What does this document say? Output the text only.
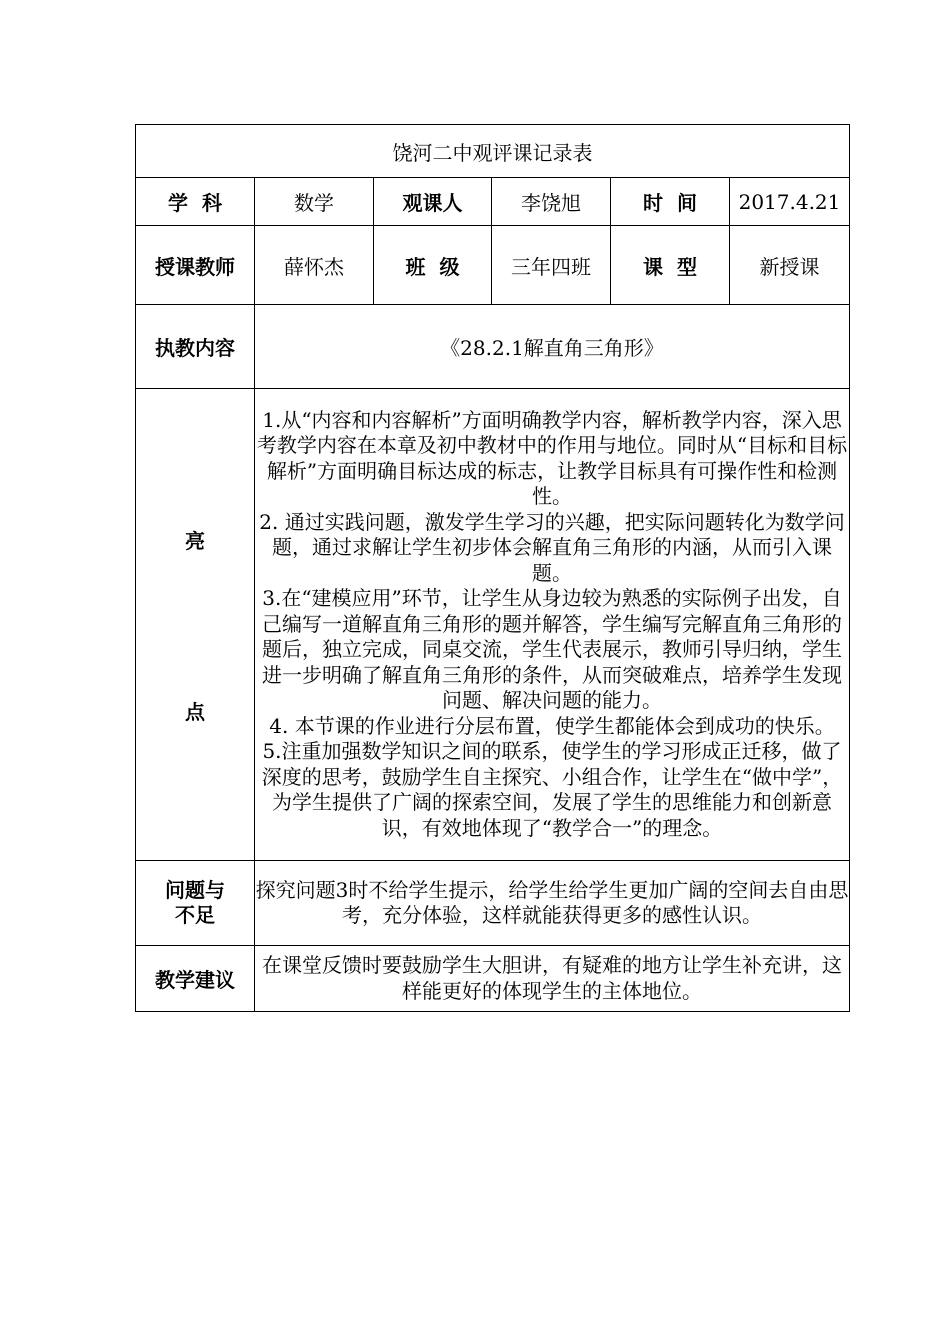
饶河二中观评课记录表					
学  科	数学	观课人	李饶旭	时  间	2017.4.21
授课教师	薛怀杰	班  级	三年四班	课  型	新授课
执教内容	《28.2.1解直角三角形》				

亮
点	1.从“内容和内容解析”方面明确教学内容，解析教学内容，深入思考教学内容在本章及初中教材中的作用与地位。同时从“目标和目标解析”方面明确目标达成的标志，让教学目标具有可操作性和检测性。
2. 通过实践问题，激发学生学习的兴趣，把实际问题转化为数学问题，通过求解让学生初步体会解直角三角形的内涵，从而引入课题。
3.在“建模应用”环节，让学生从身边较为熟悉的实际例子出发，自己编写一道解直角三角形的题并解答，学生编写完解直角三角形的题后，独立完成，同桌交流，学生代表展示，教师引导归纳，学生进一步明确了解直角三角形的条件，从而突破难点，培养学生发现问题、解决问题的能力。
4. 本节课的作业进行分层布置，使学生都能体会到成功的快乐。
5.注重加强数学知识之间的联系，使学生的学习形成正迁移，做了深度的思考，鼓励学生自主探究、小组合作，让学生在“做中学”，为学生提供了广阔的探索空间，发展了学生的思维能力和创新意识，有效地体现了“教学合一”的理念。				

问题与
不足	探究问题3时不给学生提示，给学生给学生更加广阔的空间去自由思考，充分体验，这样就能获得更多的感性认识。				
教学建议	在课堂反馈时要鼓励学生大胆讲，有疑难的地方让学生补充讲，这样能更好的体现学生的主体地位。				
